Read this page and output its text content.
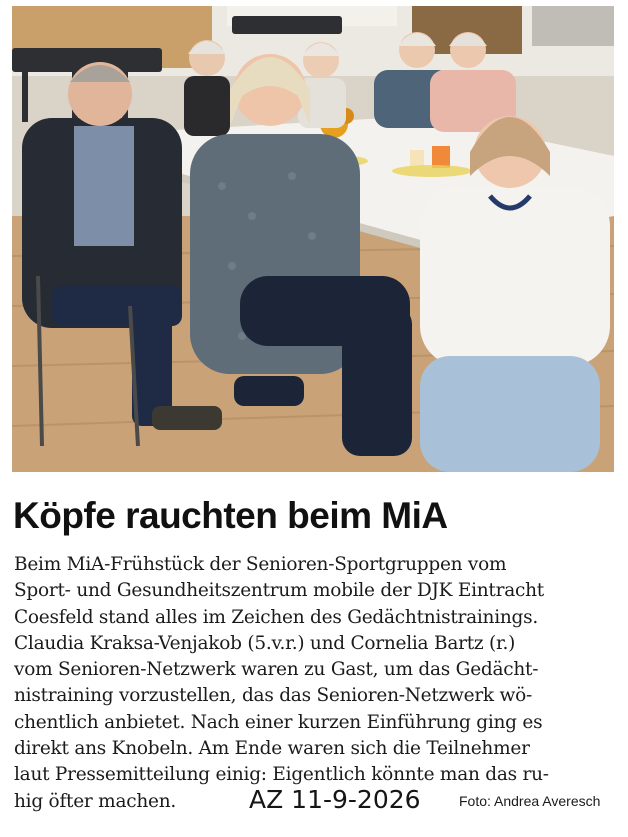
Köpfe rauchten beim MiA
Beim MiA-Frühstück der Senioren-Sportgruppen vom
Sport- und Gesundheitszentrum mobile der DJK Eintracht
Coesfeld stand alles im Zeichen des Gedächtnistrainings.
Claudia Kraksa-Venjakob (5.v.r.) und Cornelia Bartz (r.)
vom Senioren-Netzwerk waren zu Gast, um das Gedächt-
nistraining vorzustellen, das das Senioren-Netzwerk wö-
chentlich anbietet. Nach einer kurzen Einführung ging es
direkt ans Knobeln. Am Ende waren sich die Teilnehmer
laut Pressemitteilung einig: Eigentlich könnte man das ru-
hig öfter machen.	AZ 11-9-2026	Foto: Andrea Averesch
